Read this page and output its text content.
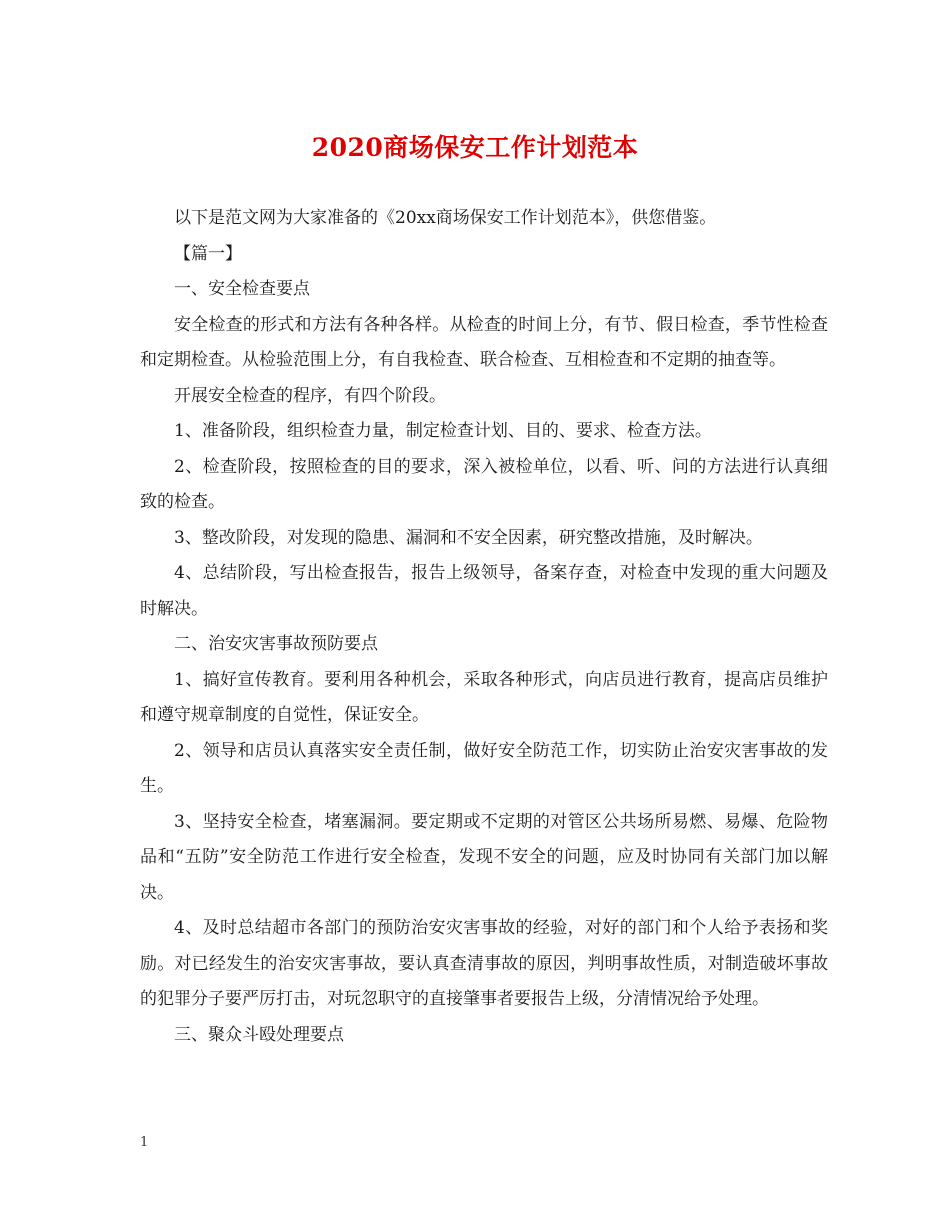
2020商场保安工作计划范本

以下是范文网为大家准备的《20xx商场保安工作计划范本》，供您借鉴。

【篇一】

一、安全检查要点

安全检查的形式和方法有各种各样。从检查的时间上分，有节、假日检查，季节性检查和定期检查。从检验范围上分，有自我检查、联合检查、互相检查和不定期的抽查等。

开展安全检查的程序，有四个阶段。

1、准备阶段，组织检查力量，制定检查计划、目的、要求、检查方法。

2、检查阶段，按照检查的目的要求，深入被检单位，以看、听、问的方法进行认真细致的检查。

3、整改阶段，对发现的隐患、漏洞和不安全因素，研究整改措施，及时解决。

4、总结阶段，写出检查报告，报告上级领导，备案存查，对检查中发现的重大问题及时解决。

二、治安灾害事故预防要点

1、搞好宣传教育。要利用各种机会，采取各种形式，向店员进行教育，提高店员维护和遵守规章制度的自觉性，保证安全。

2、领导和店员认真落实安全责任制，做好安全防范工作，切实防止治安灾害事故的发生。

3、坚持安全检查，堵塞漏洞。要定期或不定期的对管区公共场所易燃、易爆、危险物品和“五防”安全防范工作进行安全检查，发现不安全的问题，应及时协同有关部门加以解决。

4、及时总结超市各部门的预防治安灾害事故的经验，对好的部门和个人给予表扬和奖励。对已经发生的治安灾害事故，要认真查清事故的原因，判明事故性质，对制造破坏事故的犯罪分子要严厉打击，对玩忽职守的直接肇事者要报告上级，分清情况给予处理。

三、聚众斗殴处理要点

1
